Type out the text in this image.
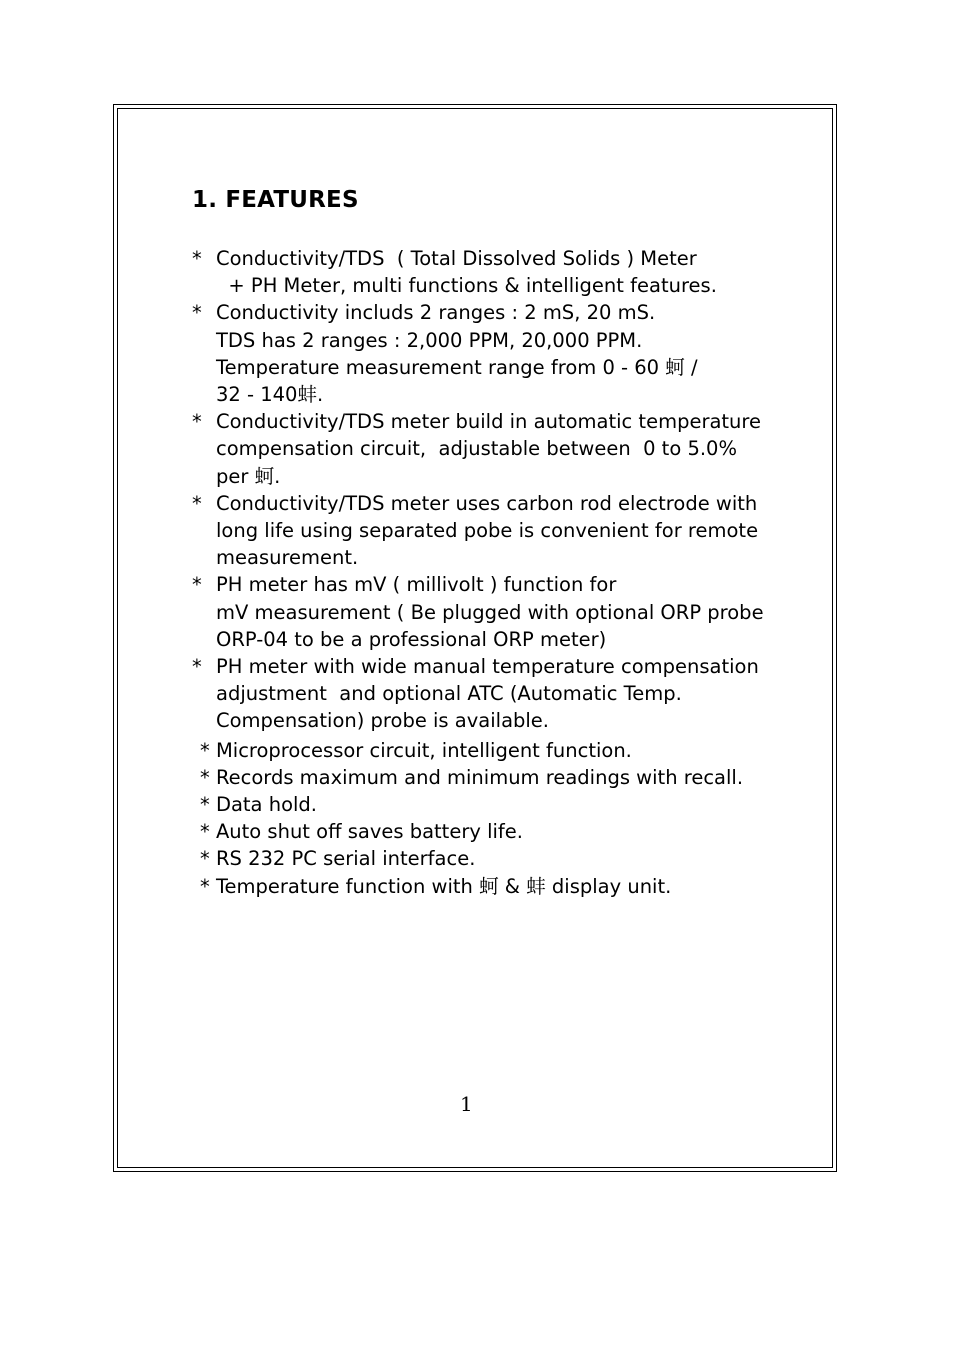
1. FEATURES
* Conductivity/TDS  ( Total Dissolved Solids ) Meter
+ PH Meter, multi functions & intelligent features.
* Conductivity includs 2 ranges : 2 mS, 20 mS.
TDS has 2 ranges : 2,000 PPM, 20,000 PPM.
Temperature measurement range from 0 - 60 蚵 /
32 - 140蚌.
* Conductivity/TDS meter build in automatic temperature
compensation circuit,  adjustable between  0 to 5.0%
per 蚵.
* Conductivity/TDS meter uses carbon rod electrode with
long life using separated pobe is convenient for remote
measurement.
* PH meter has mV ( millivolt ) function for
mV measurement ( Be plugged with optional ORP probe
ORP-04 to be a professional ORP meter)
* PH meter with wide manual temperature compensation
adjustment  and optional ATC (Automatic Temp.
Compensation) probe is available.
* Microprocessor circuit, intelligent function.
* Records maximum and minimum readings with recall.
* Data hold.
* Auto shut off saves battery life.
* RS 232 PC serial interface.
* Temperature function with 蚵 & 蚌 display unit.
1
